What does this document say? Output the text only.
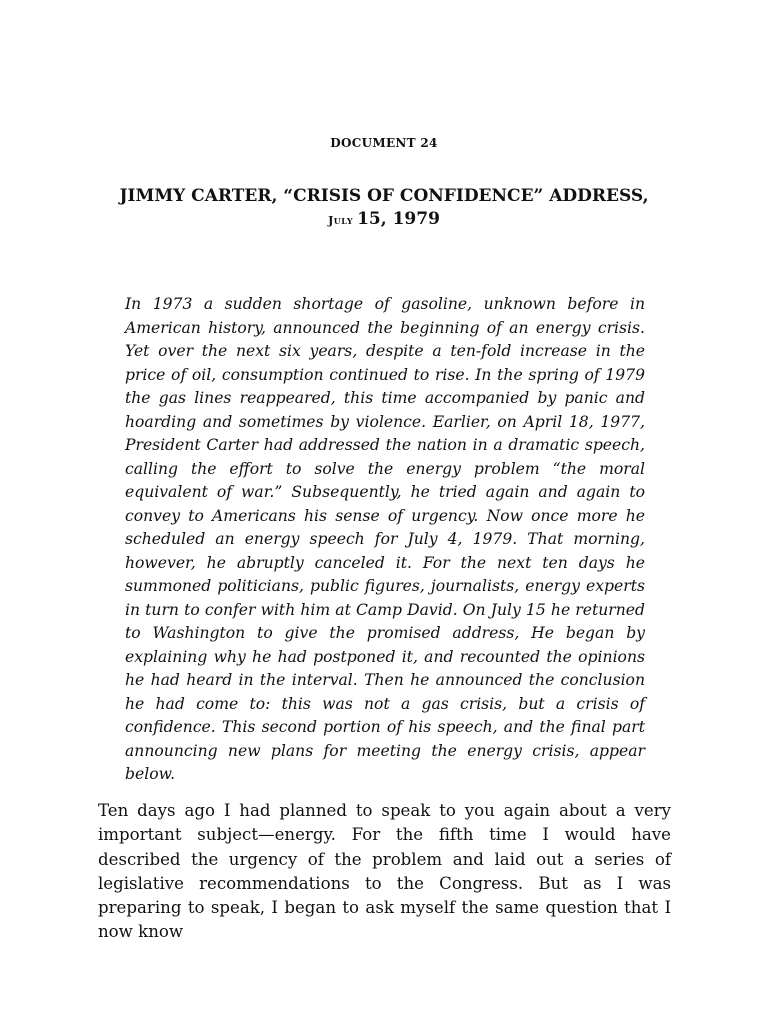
DOCUMENT 24
JIMMY CARTER, “CRISIS OF CONFIDENCE” ADDRESS,
July 15, 1979

In 1973 a sudden shortage of gasoline, unknown before in American history, announced the beginning of an energy crisis. Yet over the next six years, despite a ten-fold increase in the price of oil, consumption continued to rise. In the spring of 1979 the gas lines reappeared, this time accompanied by panic and hoarding and sometimes by violence. Earlier, on April 18, 1977, President Carter had addressed the nation in a dramatic speech, calling the effort to solve the energy problem “the moral equivalent of war.” Subsequently, he tried again and again to convey to Americans his sense of urgency. Now once more he scheduled an energy speech for July 4, 1979. That morning, however, he abruptly canceled it. For the next ten days he summoned politicians, public figures, journalists, energy experts in turn to confer with him at Camp David. On July 15 he returned to Washington to give the promised address, He began by explaining why he had postponed it, and recounted the opinions he had heard in the interval. Then he announced the conclusion he had come to: this was not a gas crisis, but a crisis of confidence. This second portion of his speech, and the final part announcing new plans for meeting the energy crisis, appear below.

Ten days ago I had planned to speak to you again about a very important subject—energy. For the fifth time I would have described the urgency of the problem and laid out a series of legislative recommendations to the Congress. But as I was preparing to speak, I began to ask myself the same question that I now know
